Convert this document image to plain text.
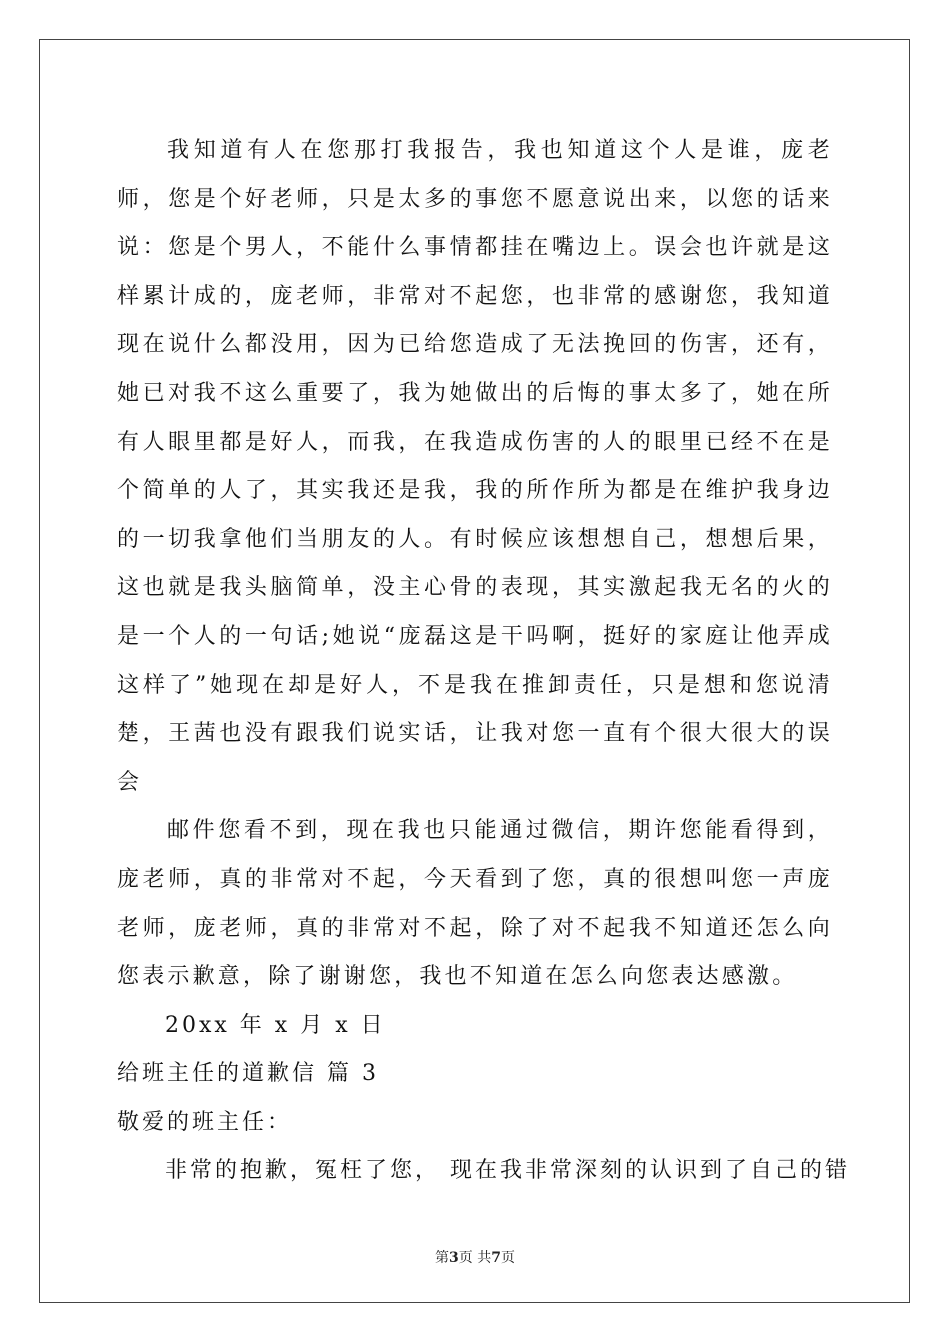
我知道有人在您那打我报告，我也知道这个人是谁，庞老师，您是个好老师，只是太多的事您不愿意说出来，以您的话来说：您是个男人，不能什么事情都挂在嘴边上。误会也许就是这样累计成的，庞老师，非常对不起您，也非常的感谢您，我知道现在说什么都没用，因为已给您造成了无法挽回的伤害，还有，她已对我不这么重要了，我为她做出的后悔的事太多了，她在所有人眼里都是好人，而我，在我造成伤害的人的眼里已经不在是个简单的人了，其实我还是我，我的所作所为都是在维护我身边的一切我拿他们当朋友的人。有时候应该想想自己，想想后果，这也就是我头脑简单，没主心骨的表现，其实激起我无名的火的是一个人的一句话;她说“庞磊这是干吗啊，挺好的家庭让他弄成这样了”她现在却是好人，不是我在推卸责任，只是想和您说清楚，王茜也没有跟我们说实话，让我对您一直有个很大很大的误会

邮件您看不到，现在我也只能通过微信，期许您能看得到，庞老师，真的非常对不起，今天看到了您，真的很想叫您一声庞老师，庞老师，真的非常对不起，除了对不起我不知道还怎么向您表示歉意，除了谢谢您，我也不知道在怎么向您表达感激。

20xx 年 x 月 x 日

给班主任的道歉信 篇 3

敬爱的班主任：

非常的抱歉，冤枉了您， 现在我非常深刻的认识到了自己的错

第3页 共7页
